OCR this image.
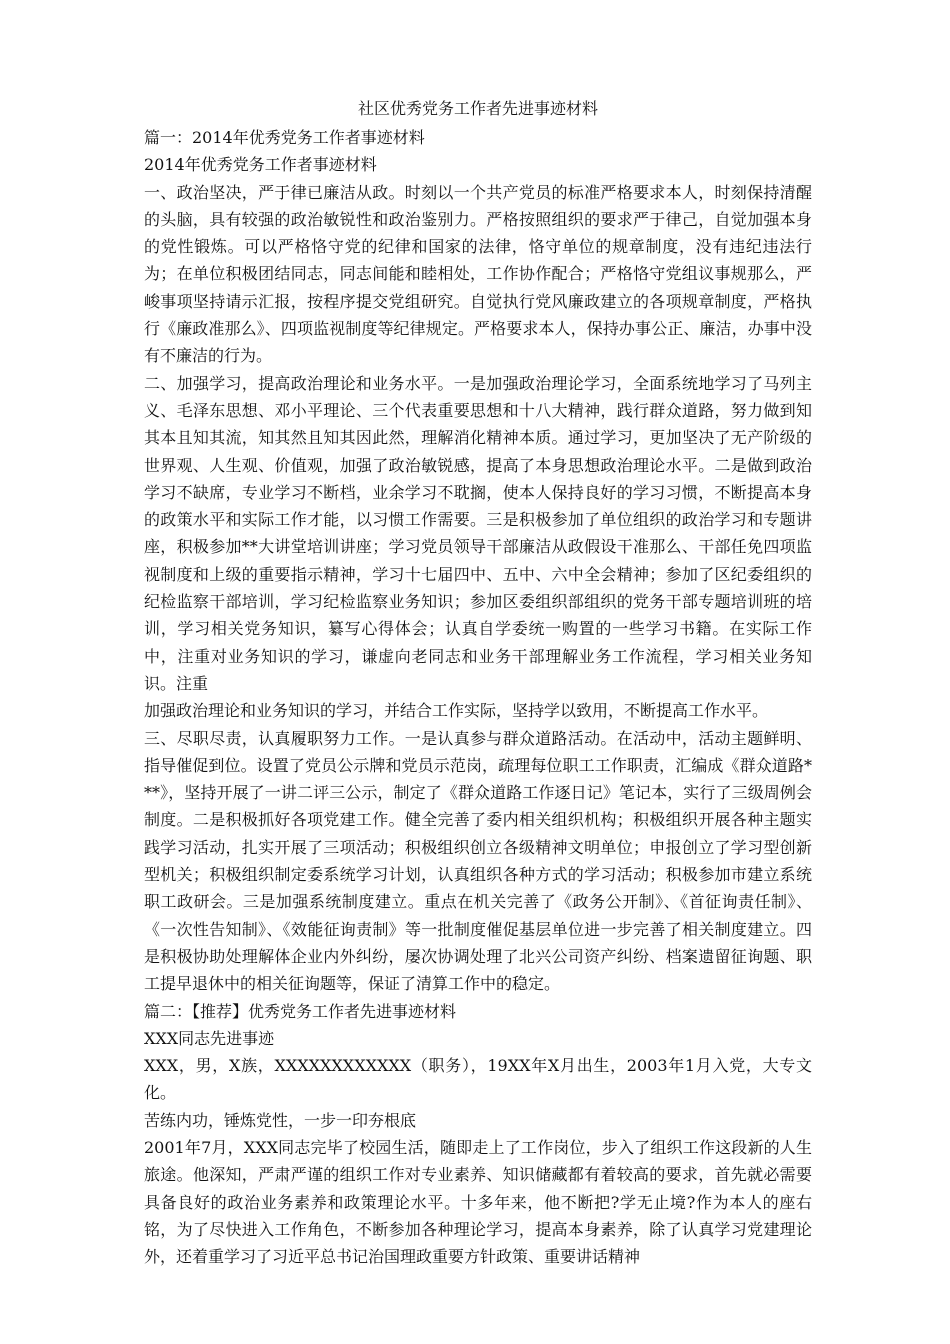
社区优秀党务工作者先进事迹材料

篇一：2014年优秀党务工作者事迹材料

2014年优秀党务工作者事迹材料

一、政治坚决，严于律已廉洁从政。时刻以一个共产党员的标准严格要求本人，时刻保持清醒的头脑，具有较强的政治敏锐性和政治鉴别力。严格按照组织的要求严于律己，自觉加强本身的党性锻炼。可以严格恪守党的纪律和国家的法律，恪守单位的规章制度，没有违纪违法行为；在单位积极团结同志，同志间能和睦相处，工作协作配合；严格恪守党组议事规那么，严峻事项坚持请示汇报，按程序提交党组研究。自觉执行党风廉政建立的各项规章制度，严格执行《廉政准那么》、四项监视制度等纪律规定。严格要求本人，保持办事公正、廉洁，办事中没有不廉洁的行为。

二、加强学习，提高政治理论和业务水平。一是加强政治理论学习，全面系统地学习了马列主义、毛泽东思想、邓小平理论、三个代表重要思想和十八大精神，践行群众道路，努力做到知其本且知其流，知其然且知其因此然，理解消化精神本质。通过学习，更加坚决了无产阶级的世界观、人生观、价值观，加强了政治敏锐感，提高了本身思想政治理论水平。二是做到政治学习不缺席，专业学习不断档，业余学习不耽搁，使本人保持良好的学习习惯，不断提高本身的政策水平和实际工作才能，以习惯工作需要。三是积极参加了单位组织的政治学习和专题讲座，积极参加**大讲堂培训讲座；学习党员领导干部廉洁从政假设干准那么、干部任免四项监视制度和上级的重要指示精神，学习十七届四中、五中、六中全会精神；参加了区纪委组织的纪检监察干部培训，学习纪检监察业务知识；参加区委组织部组织的党务干部专题培训班的培训，学习相关党务知识，纂写心得体会；认真自学委统一购置的一些学习书籍。在实际工作中，注重对业务知识的学习，谦虚向老同志和业务干部理解业务工作流程，学习相关业务知识。注重

加强政治理论和业务知识的学习，并结合工作实际，坚持学以致用，不断提高工作水平。

三、尽职尽责，认真履职努力工作。一是认真参与群众道路活动。在活动中，活动主题鲜明、指导催促到位。设置了党员公示牌和党员示范岗，疏理每位职工工作职责，汇编成《群众道路***》，坚持开展了一讲二评三公示，制定了《群众道路工作逐日记》笔记本，实行了三级周例会制度。二是积极抓好各项党建工作。健全完善了委内相关组织机构；积极组织开展各种主题实践学习活动，扎实开展了三项活动；积极组织创立各级精神文明单位；申报创立了学习型创新型机关；积极组织制定委系统学习计划，认真组织各种方式的学习活动；积极参加市建立系统职工政研会。三是加强系统制度建立。重点在机关完善了《政务公开制》、《首征询责任制》、《一次性告知制》、《效能征询责制》等一批制度催促基层单位进一步完善了相关制度建立。四是积极协助处理解体企业内外纠纷，屡次协调处理了北兴公司资产纠纷、档案遗留征询题、职工提早退休中的相关征询题等，保证了清算工作中的稳定。

篇二：【推荐】优秀党务工作者先进事迹材料

XXX同志先进事迹

XXX，男，X族，XXXXXXXXXXXX（职务），19XX年X月出生，2003年1月入党，大专文化。

苦练内功，锤炼党性，一步一印夯根底

2001年7月，XXX同志完毕了校园生活，随即走上了工作岗位，步入了组织工作这段新的人生旅途。他深知，严肃严谨的组织工作对专业素养、知识储藏都有着较高的要求，首先就必需要具备良好的政治业务素养和政策理论水平。十多年来，他不断把?学无止境?作为本人的座右铭，为了尽快进入工作角色，不断参加各种理论学习，提高本身素养，除了认真学习党建理论外，还着重学习了习近平总书记治国理政重要方针政策、重要讲话精神
